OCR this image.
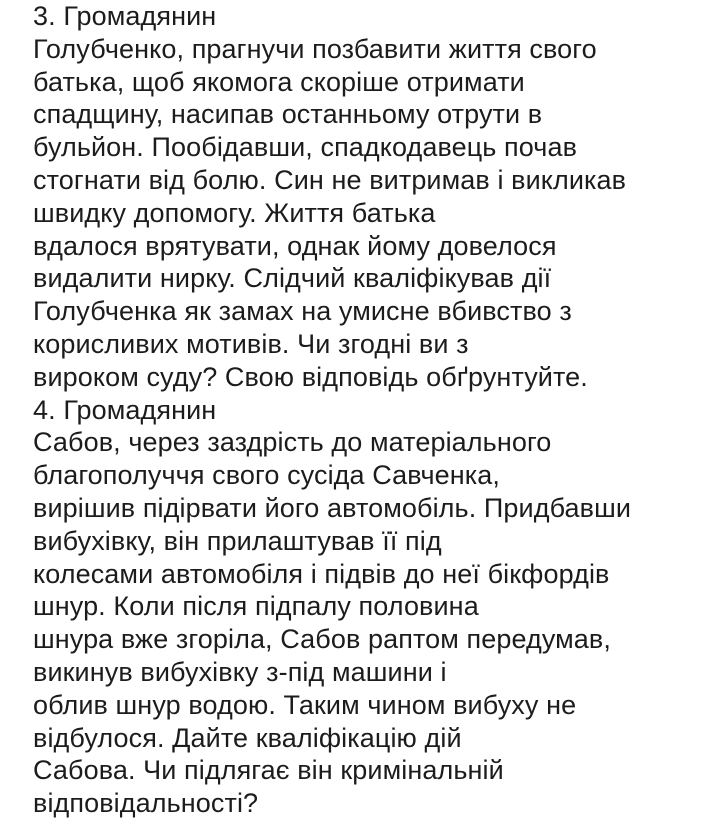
3. Громадянин
Голубченко, прагнучи позбавити життя свого
батька, щоб якомога скоріше отримати
спадщину, насипав останньому отрути в
бульйон. Пообідавши, спадкодавець почав
стогнати від болю. Син не витримав і викликав
швидку допомогу. Життя батька
вдалося врятувати, однак йому довелося
видалити нирку. Слідчий кваліфікував дії
Голубченка як замах на умисне вбивство з
корисливих мотивів. Чи згодні ви з
вироком суду? Свою відповідь обґрунтуйте.
4. Громадянин
Сабов, через заздрість до матеріального
благополуччя свого сусіда Савченка,
вирішив підірвати його автомобіль. Придбавши
вибухівку, він прилаштував її під
колесами автомобіля і підвів до неї бікфордів
шнур. Коли після підпалу половина
шнура вже згоріла, Сабов раптом передумав,
викинув вибухівку з-під машини і
облив шнур водою. Таким чином вибуху не
відбулося. Дайте кваліфікацію дій
Сабова. Чи підлягає він кримінальній
відповідальності?
